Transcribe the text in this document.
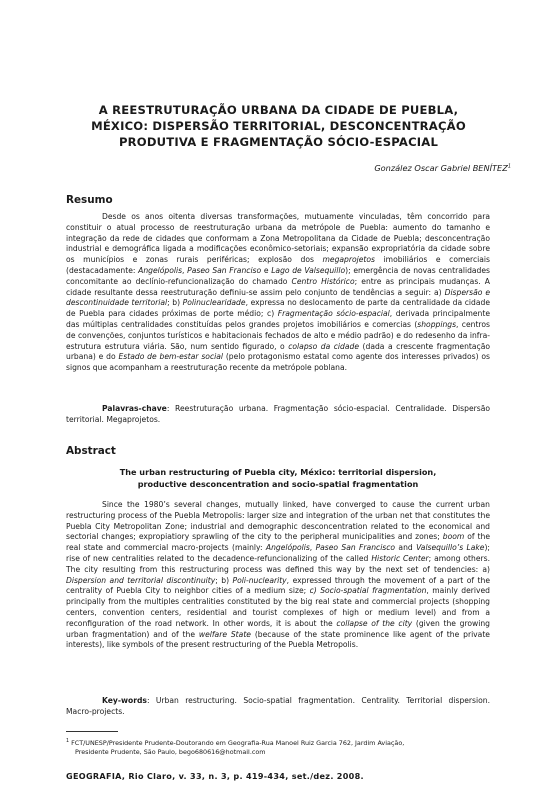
A REESTRUTURAÇÃO URBANA DA CIDADE DE PUEBLA,
MÉXICO: DISPERSÃO TERRITORIAL, DESCONCENTRAÇÃO
PRODUTIVA E FRAGMENTAÇÃO SÓCIO-ESPACIAL
González Oscar Gabriel BENÍTEZ$^1$
Resumo
Desde os anos oitenta diversas transformações, mutuamente vinculadas, têm concorrido para constituir o atual processo de reestruturação urbana da metrópole de Puebla: aumento do tamanho e integração da rede de cidades que conformam a Zona Metropolitana da Cidade de Puebla; desconcentração industrial e demográfica ligada a modificações econômico-setoriais; expansão expropriatória da cidade sobre os municípios e zonas rurais periféricas; explosão dos megaprojetos imobiliários e comerciais (destacadamente: Angelópolis, Paseo San Franciso e Lago de Valsequillo); emergência de novas centralidades concomitante ao declínio-refuncionalização do chamado Centro Histórico; entre as principais mudanças. A cidade resultante dessa reestruturação definiu-se assim pelo conjunto de tendências a seguir: a) Dispersão e descontinuidade territorial; b) Polinuclearidade, expressa no deslocamento de parte da centralidade da cidade de Puebla para cidades próximas de porte médio; c) Fragmentação sócio-espacial, derivada principalmente das múltiplas centralidades constituídas pelos grandes projetos imobiliários e comercias (shoppings, centros de convenções, conjuntos turísticos e habitacionais fechados de alto e médio padrão) e do redesenho da infra-estrutura estrutura viária. São, num sentido figurado, o colapso da cidade (dada a crescente fragmentação urbana) e do Estado de bem-estar social (pelo protagonismo estatal como agente dos interesses privados) os signos que acompanham a reestruturação recente da metrópole poblana.
Palavras-chave: Reestruturação urbana. Fragmentação sócio-espacial. Centralidade. Dispersão territorial. Megaprojetos.
Abstract
The urban restructuring of Puebla city, México: territorial dispersion,
productive desconcentration and socio-spatial fragmentation
Since the 1980’s several changes, mutually linked, have converged to cause the current urban restructuring process of the Puebla Metropolis: larger size and integration of the urban net that constitutes the Puebla City Metropolitan Zone; industrial and demographic desconcentration related to the economical and sectorial changes; expropiatiory sprawling of the city to the peripheral municipalities and zones; boom of the real state and commercial macro-projects (mainly: Angelópolis, Paseo San Francisco and Valsequillo’s Lake); rise of new centralities related to the decadence-refuncionalizing of the called Historic Center; among others. The city resulting from this restructuring process was defined this way by the next set of tendencies: a) Dispersion and territorial discontinuity; b) Poli-nuclearity, expressed through the movement of a part of the centrality of Puebla City to neighbor cities of a medium size; c) Socio-spatial fragmentation, mainly derived principally from the multiples centralities constituted by the big real state and commercial projects (shopping centers, convention centers, residential and tourist complexes of high or medium level) and from a reconfiguration of the road network. In other words, it is about the collapse of the city (given the growing urban fragmentation) and of the welfare State (because of the state prominence like agent of the private interests), like symbols of the present restructuring of the Puebla Metropolis.
Key-words: Urban restructuring. Socio-spatial fragmentation. Centrality. Territorial dispersion. Macro-projects.
$^1$ FCT/UNESP/Presidente Prudente-Doutorando em Geografia-Rua Manoel Ruiz Garcia 762, Jardim Aviação,
Presidente Prudente, São Paulo, bego680616@hotmail.com
GEOGRAFIA, Rio Claro, v. 33, n. 3, p. 419-434, set./dez. 2008.
